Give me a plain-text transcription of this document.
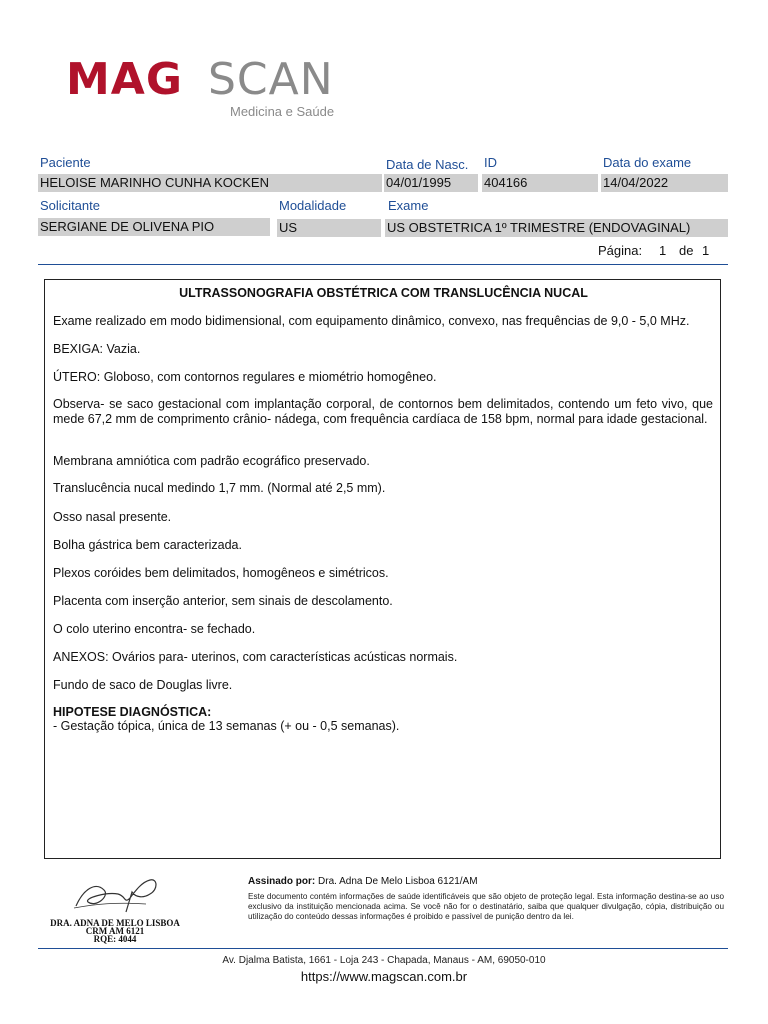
MAG SCAN
Medicina e Saúde
Paciente
HELOISE MARINHO CUNHA KOCKEN
Data de Nasc.
04/01/1995
ID
404166
Data do exame
14/04/2022
Solicitante
SERGIANE DE OLIVENA PIO
Modalidade
US
Exame
US OBSTETRICA 1º TRIMESTRE (ENDOVAGINAL)
Página: 1 de 1
ULTRASSONOGRAFIA OBSTÉTRICA COM TRANSLUCÊNCIA NUCAL
Exame realizado em modo bidimensional, com equipamento dinâmico, convexo, nas frequências de 9,0 - 5,0 MHz.
BEXIGA: Vazia.
ÚTERO: Globoso, com contornos regulares e miométrio homogêneo.
Observa- se saco gestacional com implantação corporal, de contornos bem delimitados, contendo um feto vivo, que mede 67,2 mm de comprimento crânio- nádega, com frequência cardíaca de 158 bpm, normal para idade gestacional.
Membrana amniótica com padrão ecográfico preservado.
Translucência nucal medindo 1,7 mm. (Normal até 2,5 mm).
Osso nasal presente.
Bolha gástrica bem caracterizada.
Plexos coróides bem delimitados, homogêneos e simétricos.
Placenta com inserção anterior, sem sinais de descolamento.
O colo uterino encontra- se fechado.
ANEXOS: Ovários para- uterinos, com características acústicas normais.
Fundo de saco de Douglas livre.
HIPOTESE DIAGNÓSTICA:
- Gestação tópica, única de 13 semanas (+ ou - 0,5 semanas).
DRA. ADNA DE MELO LISBOA
CRM AM 6121
RQE: 4044
Assinado por: Dra. Adna De Melo Lisboa 6121/AM
Este documento contém informações de saúde identificáveis que são objeto de proteção legal. Esta informação destina-se ao uso exclusivo da instituição mencionada acima. Se você não for o destinatário, saiba que qualquer divulgação, cópia, distribuição ou utilização do conteúdo dessas informações é proibido e passível de punição dentro da lei.
Av. Djalma Batista, 1661 - Loja 243 - Chapada, Manaus - AM, 69050-010
https://www.magscan.com.br
